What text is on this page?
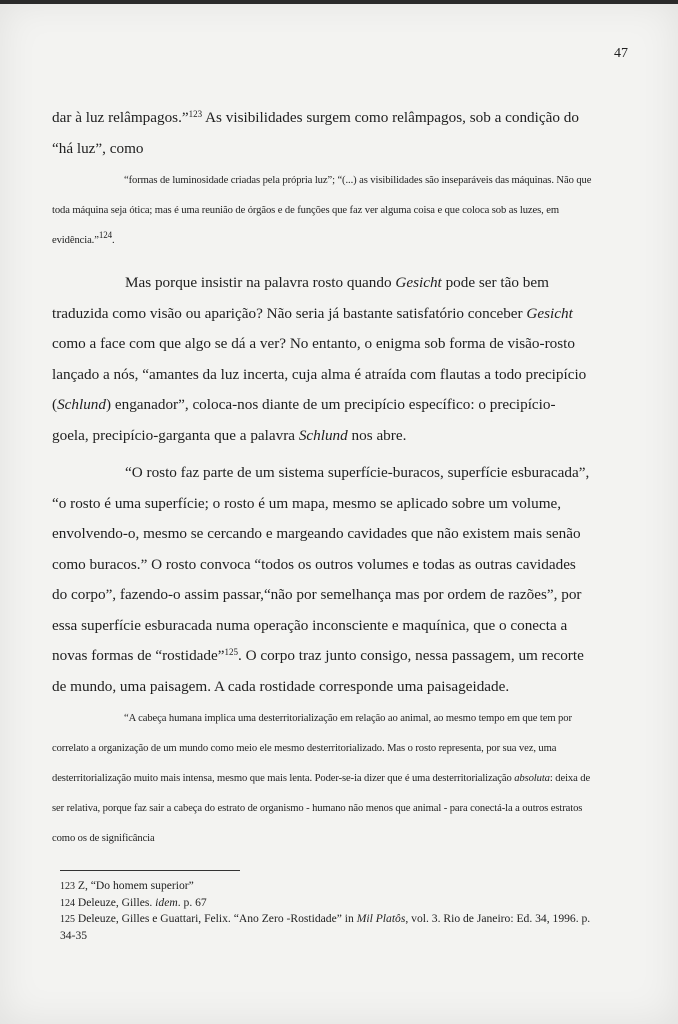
47

dar à luz relâmpagos.”$^{123}$ As visibilidades surgem como relâmpagos, sob a condição do “há luz”, como

“formas de luminosidade criadas pela própria luz”; “(...) as visibilidades são inseparáveis das máquinas. Não que toda máquina seja ótica; mas é uma reunião de órgãos e de funções que faz ver alguma coisa e que coloca sob as luzes, em evidência.”$^{124}$.

Mas porque insistir na palavra rosto quando Gesicht pode ser tão bem traduzida como visão ou aparição? Não seria já bastante satisfatório conceber Gesicht como a face com que algo se dá a ver? No entanto, o enigma sob forma de visão-rosto lançado a nós, “amantes da luz incerta, cuja alma é atraída com flautas a todo precipício (Schlund) enganador”, coloca-nos diante de um precipício específico: o precipício-goela, precipício-garganta que a palavra Schlund nos abre.

“O rosto faz parte de um sistema superfície-buracos, superfície esburacada”, “o rosto é uma superfície; o rosto é um mapa, mesmo se aplicado sobre um volume, envolvendo-o, mesmo se cercando e margeando cavidades que não existem mais senão como buracos.” O rosto convoca “todos os outros volumes e todas as outras cavidades do corpo”, fazendo-o assim passar,“não por semelhança mas por ordem de razões”, por essa superfície esburacada numa operação inconsciente e maquínica, que o conecta a novas formas de “rostidade”$^{125}$. O corpo traz junto consigo, nessa passagem, um recorte de mundo, uma paisagem. A cada rostidade corresponde uma paisageidade.

“A cabeça humana implica uma desterritorialização em relação ao animal, ao mesmo tempo em que tem por correlato a organização de um mundo como meio ele mesmo desterritorializado. Mas o rosto representa, por sua vez, uma desterritorialização muito mais intensa, mesmo que mais lenta. Poder-se-ia dizer que é uma desterritorialização absoluta: deixa de ser relativa, porque faz sair a cabeça do estrato de organismo - humano não menos que animal - para conectá-la a outros estratos como os de significância

123 Z, “Do homem superior”

124 Deleuze, Gilles. idem. p. 67

125 Deleuze, Gilles e Guattari, Felix. “Ano Zero -Rostidade” in Mil Platôs, vol. 3. Rio de Janeiro: Ed. 34, 1996. p. 34-35
